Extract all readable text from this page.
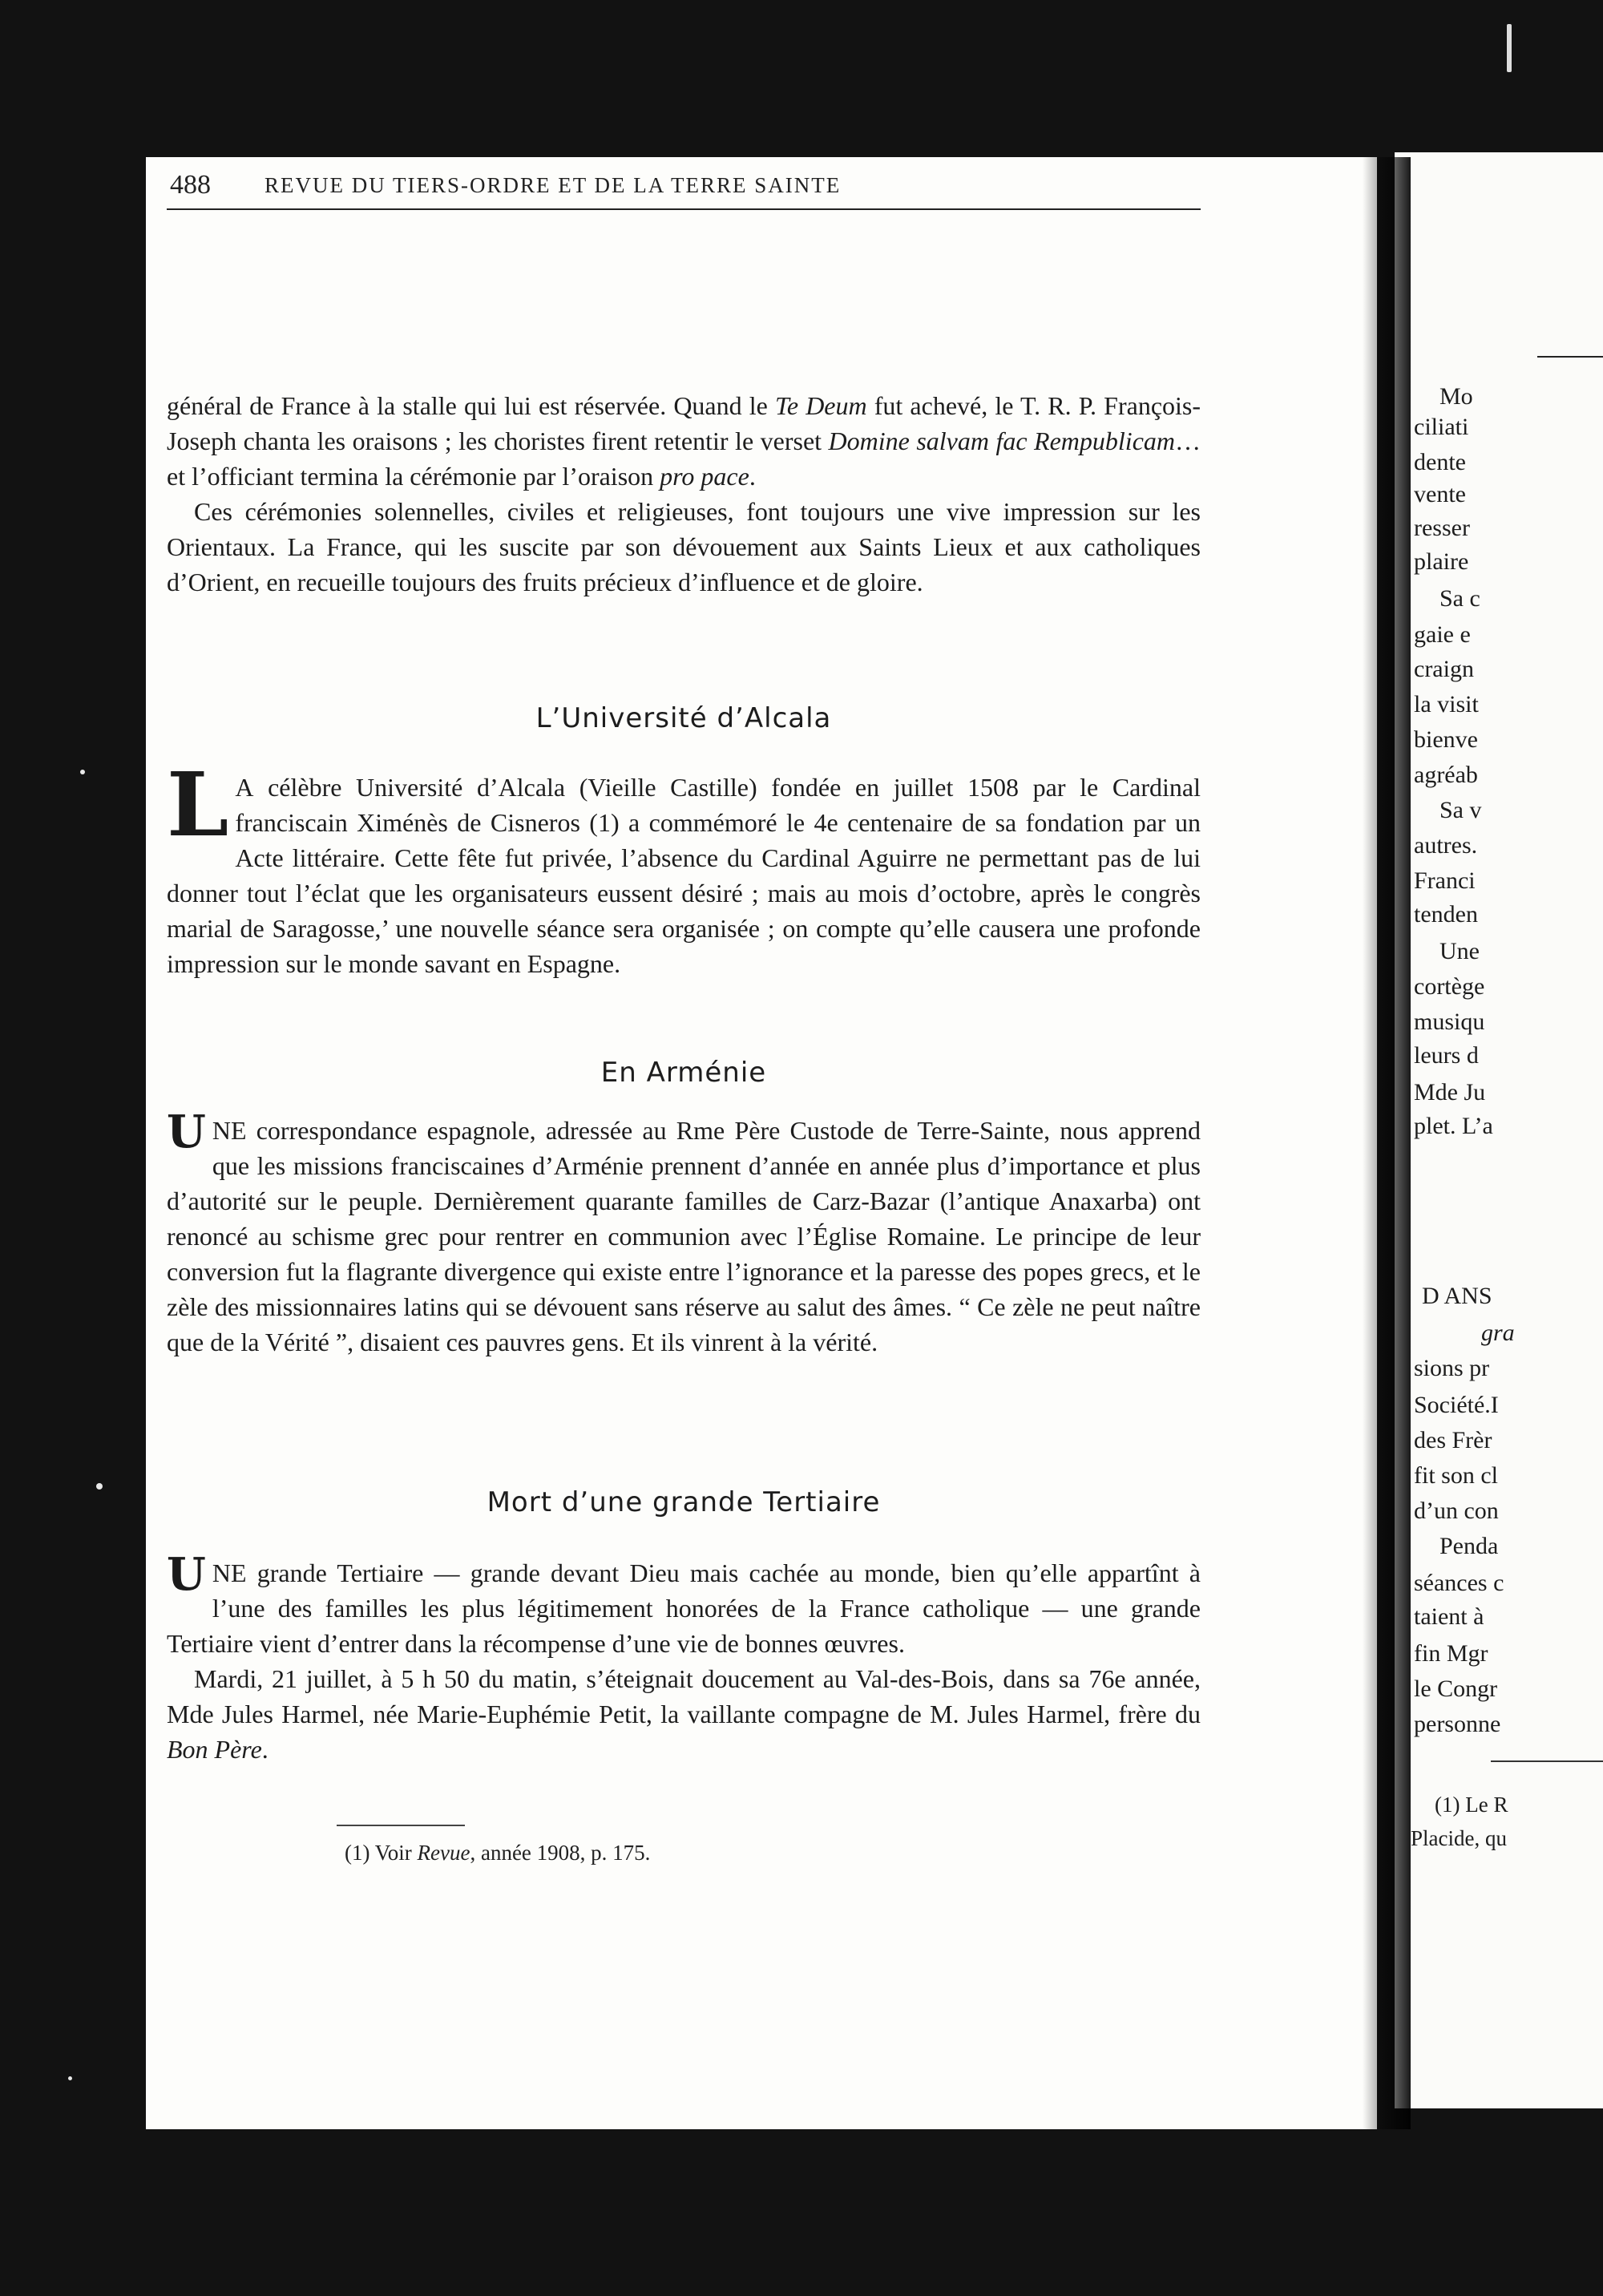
Mo
ciliati
dente
vente
resser
plaire
Sa c
gaie e
craign
la visit
bienve
agréab
Sa v
autres.
Franci
tenden
Une
cortège
musiqu
leurs d
Mde Ju
plet. L’a
D ANS
gra
sions pr
Société.I
des Frèr
fit son cl
d’un con
Penda
séances c
taient à
fin Mgr
le Congr
personne
(1) Le R
Placide, qu
488 REVUE DU TIERS-ORDRE ET DE LA TERRE SAINTE

général de France à la stalle qui lui est réservée. Quand le Te Deum fut achevé, le T. R. P. François-Joseph chanta les oraisons ; les choristes firent retentir le verset Domine salvam fac Rempublicam… et l’officiant termina la cérémonie par l’oraison pro pace.

Ces cérémonies solennelles, civiles et religieuses, font toujours une vive impression sur les Orientaux. La France, qui les suscite par son dévouement aux Saints Lieux et aux catholiques d’Orient, en recueille toujours des fruits précieux d’influence et de gloire.

L’Université d’Alcala

L A célèbre Université d’Alcala (Vieille Castille) fondée en juillet 1508 par le Cardinal franciscain Ximénès de Cisneros (1) a commémoré le 4e centenaire de sa fondation par un Acte littéraire. Cette fête fut privée, l’absence du Cardinal Aguirre ne permettant pas de lui donner tout l’éclat que les organisateurs eussent désiré ; mais au mois d’octobre, après le congrès marial de Saragosse,’ une nouvelle séance sera organisée ; on compte qu’elle causera une profonde impression sur le monde savant en Espagne.

En Arménie

UNE correspondance espagnole, adressée au Rme Père Custode de Terre-Sainte, nous apprend que les missions franciscaines d’Arménie prennent d’année en année plus d’importance et plus d’autorité sur le peuple. Dernièrement quarante familles de Carz-Bazar (l’antique Anaxarba) ont renoncé au schisme grec pour rentrer en communion avec l’Église Romaine. Le principe de leur conversion fut la flagrante divergence qui existe entre l’ignorance et la paresse des popes grecs, et le zèle des missionnaires latins qui se dévouent sans réserve au salut des âmes. “ Ce zèle ne peut naître que de la Vérité ”, disaient ces pauvres gens. Et ils vinrent à la vérité.

Mort d’une grande Tertiaire

UNE grande Tertiaire — grande devant Dieu mais cachée au monde, bien qu’elle appartînt à l’une des familles les plus légitimement honorées de la France catholique — une grande Tertiaire vient d’entrer dans la récompense d’une vie de bonnes œuvres.

Mardi, 21 juillet, à 5 h 50 du matin, s’éteignait doucement au Val-des-Bois, dans sa 76e année, Mde Jules Harmel, née Marie-Euphémie Petit, la vaillante compagne de M. Jules Harmel, frère du Bon Père.

(1) Voir Revue, année 1908, p. 175.
